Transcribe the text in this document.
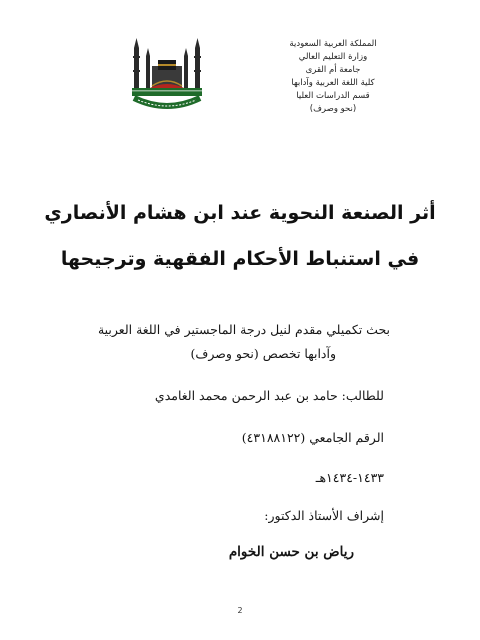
المملكة العربية السعودية
وزارة التعليم العالي
جامعة أم القرى
كلية اللغة العربية وآدابها
قسم الدراسات العليا
(نحو وصرف)
أثر الصنعة النحوية عند ابن هشام الأنصاري
في استنباط الأحكام الفقهية وترجيحها
بحث تكميلي مقدم لنيل درجة الماجستير في اللغة العربية
وآدابها تخصص (نحو وصرف)
للطالب: حامد بن عبد الرحمن محمد الغامدي
الرقم الجامعي (٤٣١٨٨١٢٢)
١٤٣٣-١٤٣٤هـ
إشراف الأستاذ الدكتور:
رياض بن حسن الخوام
2
